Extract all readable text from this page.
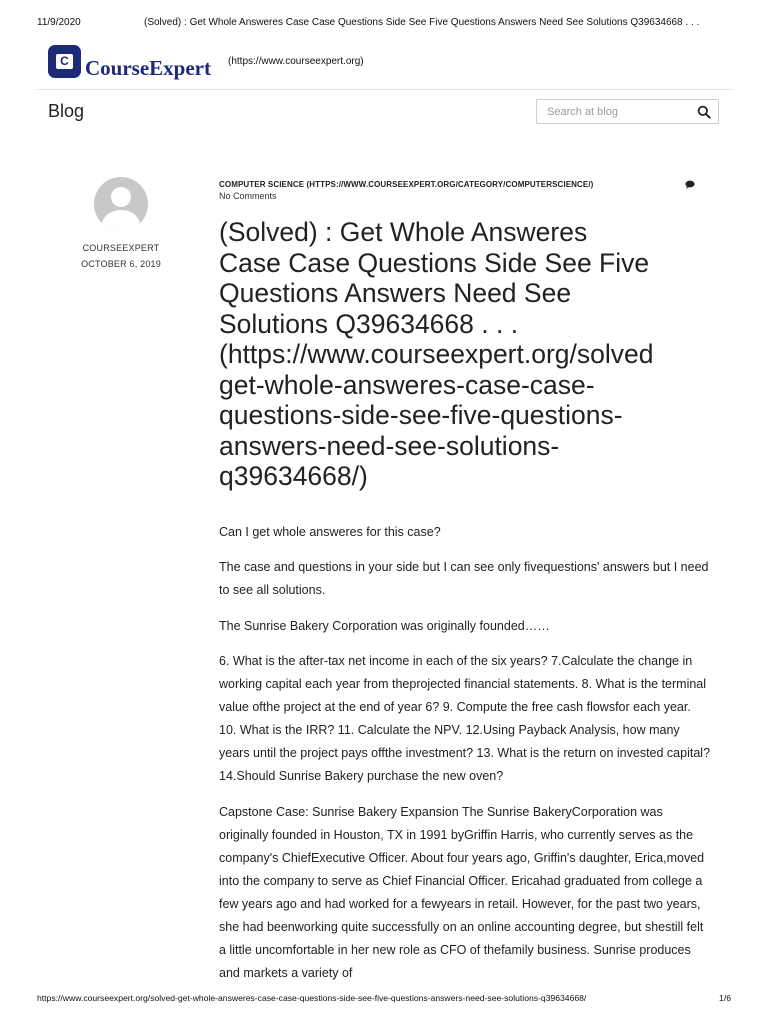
11/9/2020	(Solved) : Get Whole Answeres Case Case Questions Side See Five Questions Answers Need See Solutions Q39634668 . . .
C CourseExpert (https://www.courseexpert.org)
Blog
Search at blog
COURSEEXPERT
OCTOBER 6, 2019
COMPUTER SCIENCE (HTTPS://WWW.COURSEEXPERT.ORG/CATEGORY/COMPUTERSCIENCE/)
No Comments
(Solved) : Get Whole Answeres
Case Case Questions Side See Five
Questions Answers Need See
Solutions Q39634668 . . .
(https://www.courseexpert.org/solved
get-whole-answeres-case-case-
questions-side-see-five-questions-
answers-need-see-solutions-
q39634668/)

Can I get whole answeres for this case?

The case and questions in your side but I can see only fivequestions' answers but I need to see all solutions.

The Sunrise Bakery Corporation was originally founded……

6. What is the after-tax net income in each of the six years? 7.Calculate the change in working capital each year from theprojected financial statements. 8. What is the terminal value ofthe project at the end of year 6? 9. Compute the free cash flowsfor each year. 10. What is the IRR? 11. Calculate the NPV. 12.Using Payback Analysis, how many years until the project pays offthe investment? 13. What is the return on invested capital? 14.Should Sunrise Bakery purchase the new oven?

Capstone Case: Sunrise Bakery Expansion The Sunrise BakeryCorporation was originally founded in Houston, TX in 1991 byGriffin Harris, who currently serves as the company's ChiefExecutive Officer. About four years ago, Griffin's daughter, Erica,moved into the company to serve as Chief Financial Officer. Ericahad graduated from college a few years ago and had worked for a fewyears in retail. However, for the past two years, she had beenworking quite successfully on an online accounting degree, but shestill felt a little uncomfortable in her new role as CFO of thefamily business. Sunrise produces and markets a variety of

https://www.courseexpert.org/solved-get-whole-answeres-case-case-questions-side-see-five-questions-answers-need-see-solutions-q39634668/	1/6
